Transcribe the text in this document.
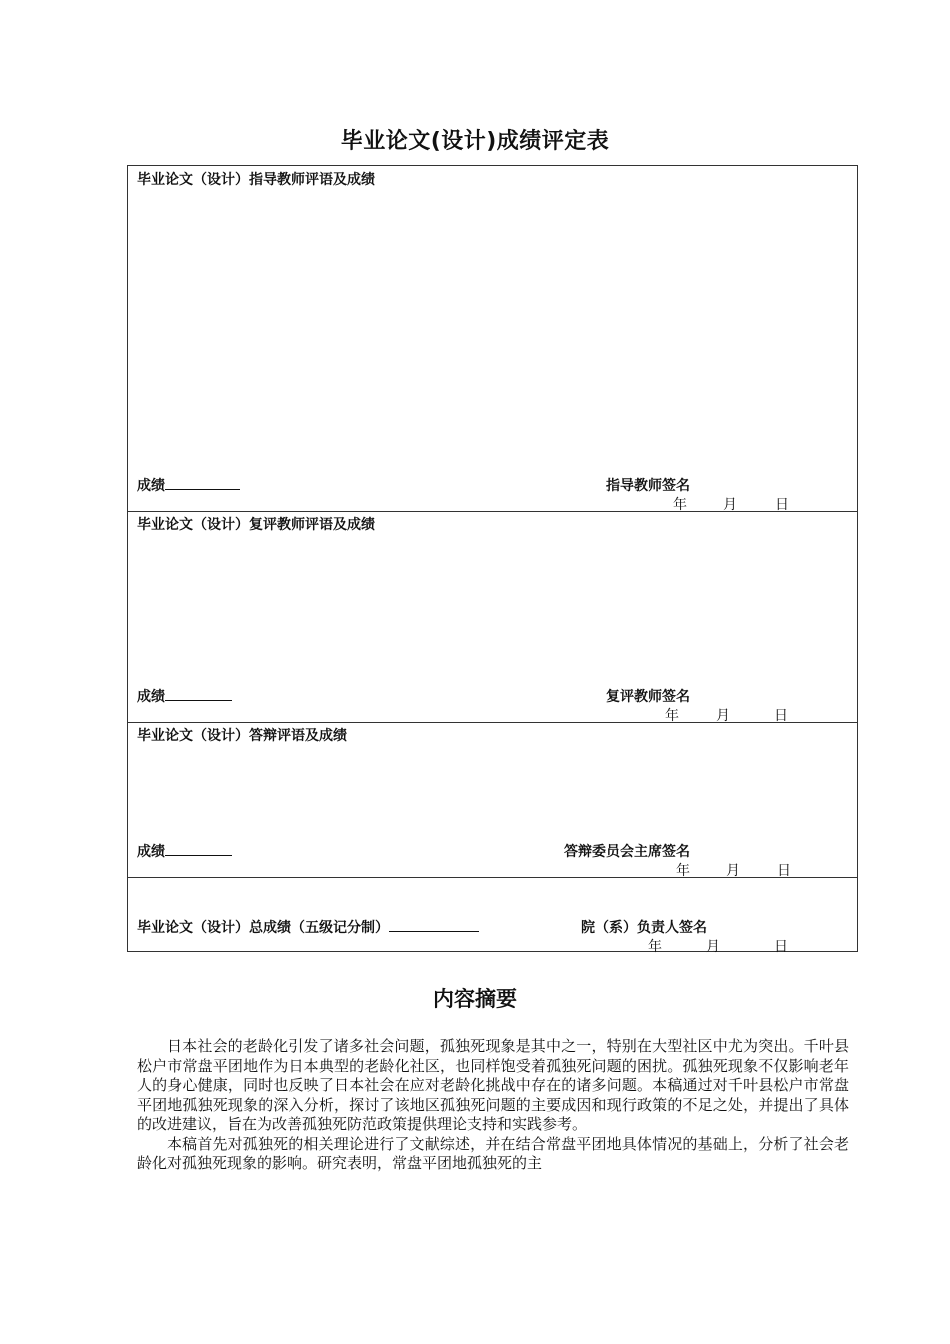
毕业论文(设计)成绩评定表
毕业论文（设计）指导教师评语及成绩
成绩	指导教师签名
年	月	日
毕业论文（设计）复评教师评语及成绩
成绩	复评教师签名
年	月	日
毕业论文（设计）答辩评语及成绩
成绩	答辩委员会主席签名
年	月	日
毕业论文（设计）总成绩（五级记分制）	院（系）负责人签名
年	月	日
内容摘要

日本社会的老龄化引发了诸多社会问题，孤独死现象是其中之一，特别在大型社区中尤为突出。千叶县松户市常盘平团地作为日本典型的老龄化社区，也同样饱受着孤独死问题的困扰。孤独死现象不仅影响老年人的身心健康，同时也反映了日本社会在应对老龄化挑战中存在的诸多问题。本稿通过对千叶县松户市常盘平团地孤独死现象的深入分析，探讨了该地区孤独死问题的主要成因和现行政策的不足之处，并提出了具体的改进建议，旨在为改善孤独死防范政策提供理论支持和实践参考。

本稿首先对孤独死的相关理论进行了文献综述，并在结合常盘平团地具体情况的基础上，分析了社会老龄化对孤独死现象的影响。研究表明，常盘平团地孤独死的主
